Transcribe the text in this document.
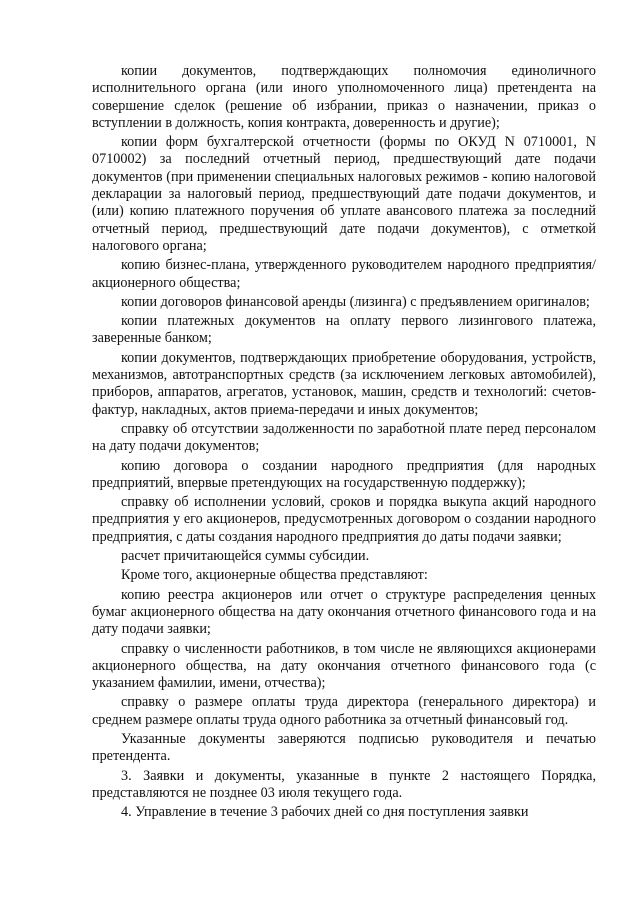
копии документов, подтверждающих полномочия единоличного исполнительного органа (или иного уполномоченного лица) претендента на совершение сделок (решение об избрании, приказ о назначении, приказ о вступлении в должность, копия контракта, доверенность и другие);

копии форм бухгалтерской отчетности (формы по ОКУД N 0710001, N 0710002) за последний отчетный период, предшествующий дате подачи документов (при применении специальных налоговых режимов - копию налоговой декларации за налоговый период, предшествующий дате подачи документов, и (или) копию платежного поручения об уплате авансового платежа за последний отчетный период, предшествующий дате подачи документов), с отметкой налогового органа;

копию бизнес-плана, утвержденного руководителем народного предприятия/акционерного общества;

копии договоров финансовой аренды (лизинга) с предъявлением оригиналов;

копии платежных документов на оплату первого лизингового платежа, заверенные банком;

копии документов, подтверждающих приобретение оборудования, устройств, механизмов, автотранспортных средств (за исключением легковых автомобилей), приборов, аппаратов, агрегатов, установок, машин, средств и технологий: счетов-фактур, накладных, актов приема-передачи и иных документов;

справку об отсутствии задолженности по заработной плате перед персоналом на дату подачи документов;

копию договора о создании народного предприятия (для народных предприятий, впервые претендующих на государственную поддержку);

справку об исполнении условий, сроков и порядка выкупа акций народного предприятия у его акционеров, предусмотренных договором о создании народного предприятия, с даты создания народного предприятия до даты подачи заявки;

расчет причитающейся суммы субсидии.

Кроме того, акционерные общества представляют:

копию реестра акционеров или отчет о структуре распределения ценных бумаг акционерного общества на дату окончания отчетного финансового года и на дату подачи заявки;

справку о численности работников, в том числе не являющихся акционерами акционерного общества, на дату окончания отчетного финансового года (с указанием фамилии, имени, отчества);

справку о размере оплаты труда директора (генерального директора) и среднем размере оплаты труда одного работника за отчетный финансовый год.

Указанные документы заверяются подписью руководителя и печатью претендента.

3. Заявки и документы, указанные в пункте 2 настоящего Порядка, представляются не позднее 03 июля текущего года.

4. Управление в течение 3 рабочих дней со дня поступления заявки
